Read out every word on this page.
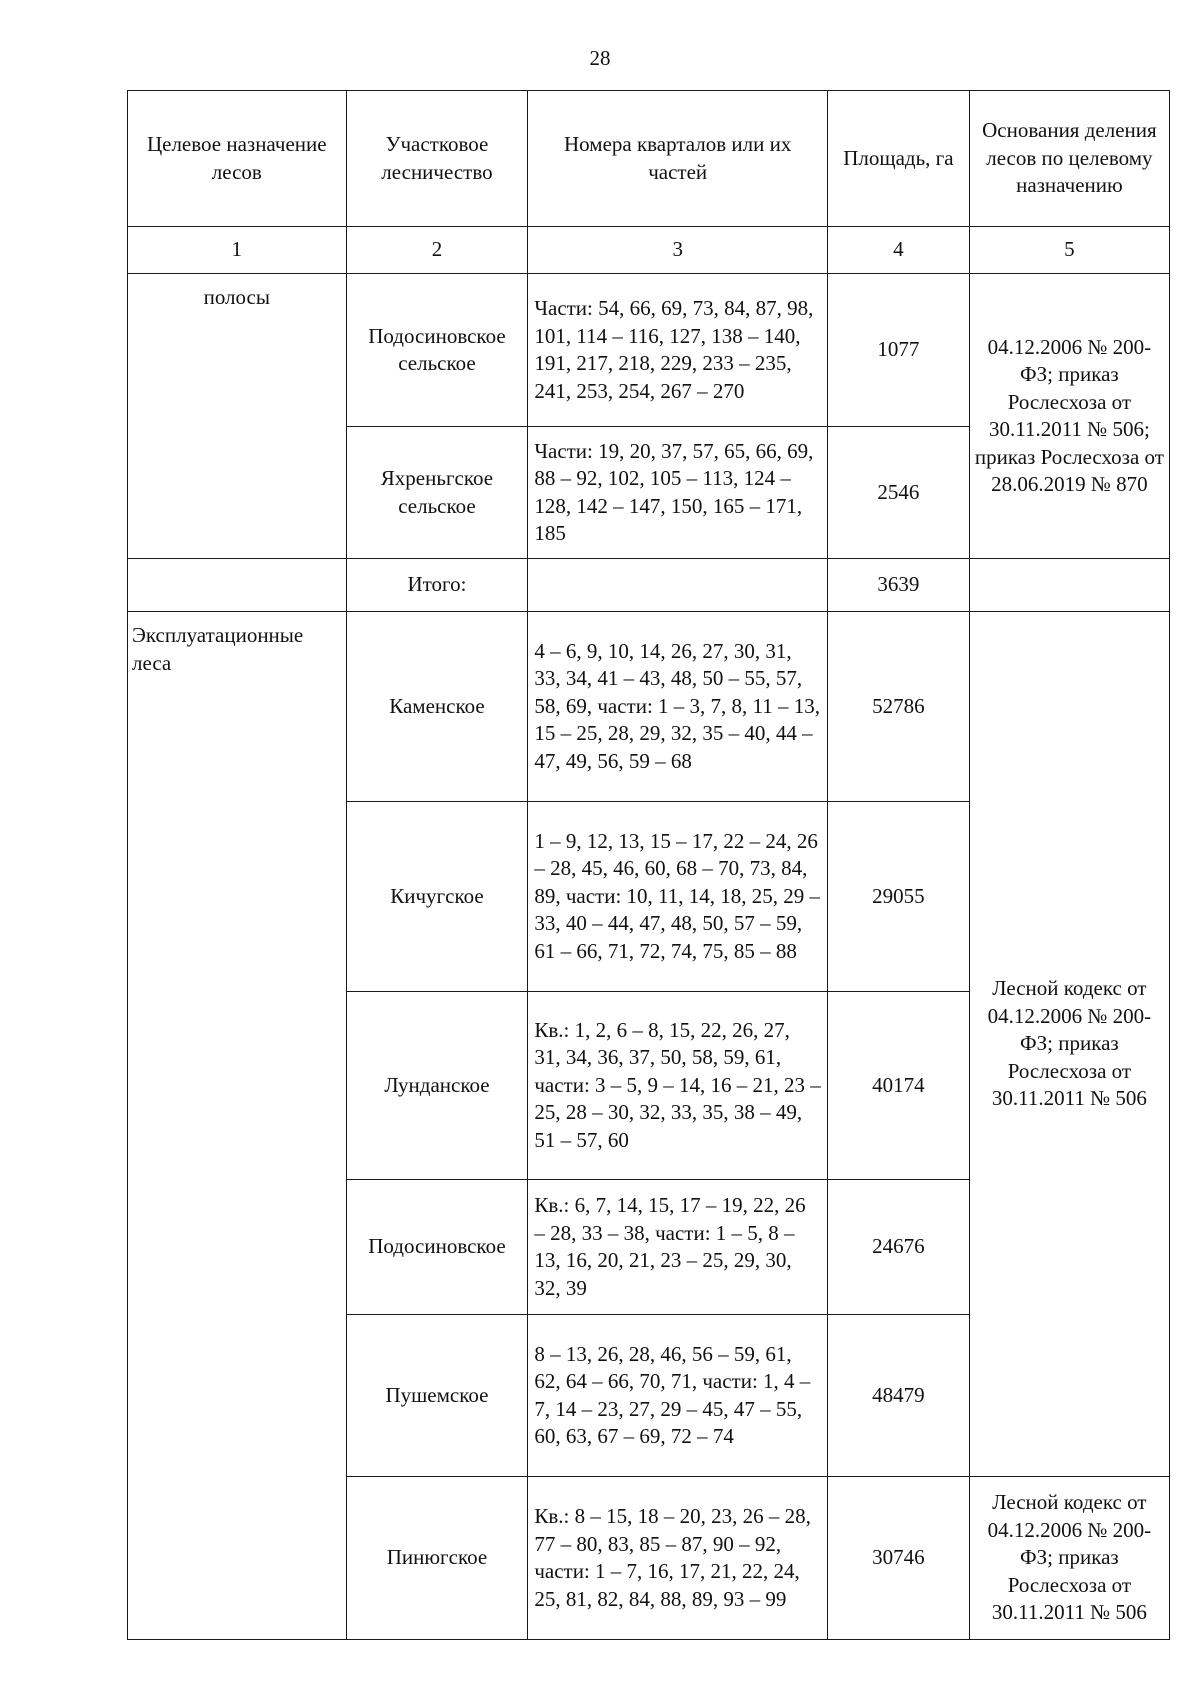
28
Целевое назначение лесов	Участковое лесничество	Номера кварталов или их частей	Площадь, га	Основания деления лесов по целевому назначению
1	2	3	4	5
полосы	Подосиновское сельское	Части: 54, 66, 69, 73, 84, 87, 98, 101, 114 – 116, 127, 138 – 140, 191, 217, 218, 229, 233 – 235, 241, 253, 254, 267 – 270	1077	04.12.2006 № 200-ФЗ; приказ Рослесхоза от 30.11.2011 № 506; приказ Рослесхоза от 28.06.2019 № 870
	Яхреньгское сельское	Части: 19, 20, 37, 57, 65, 66, 69, 88 – 92, 102, 105 – 113, 124 – 128, 142 – 147, 150, 165 – 171, 185	2546	
	Итого:		3639	
Эксплуатационные леса	Каменское	4 – 6, 9, 10, 14, 26, 27, 30, 31, 33, 34, 41 – 43, 48, 50 – 55, 57, 58, 69, части: 1 – 3, 7, 8, 11 – 13, 15 – 25, 28, 29, 32, 35 – 40, 44 – 47, 49, 56, 59 – 68	52786	Лесной кодекс от 04.12.2006 № 200-ФЗ; приказ Рослесхоза от 30.11.2011 № 506
	Кичугское	1 – 9, 12, 13, 15 – 17, 22 – 24, 26 – 28, 45, 46, 60, 68 – 70, 73, 84, 89, части: 10, 11, 14, 18, 25, 29 – 33, 40 – 44, 47, 48, 50, 57 – 59, 61 – 66, 71, 72, 74, 75, 85 – 88	29055	
	Лунданское	Кв.: 1, 2, 6 – 8, 15, 22, 26, 27, 31, 34, 36, 37, 50, 58, 59, 61, части: 3 – 5, 9 – 14, 16 – 21, 23 – 25, 28 – 30, 32, 33, 35, 38 – 49, 51 – 57, 60	40174	
	Подосиновское	Кв.: 6, 7, 14, 15, 17 – 19, 22, 26 – 28, 33 – 38, части: 1 – 5, 8 – 13, 16, 20, 21, 23 – 25, 29, 30, 32, 39	24676	
	Пушемское	8 – 13, 26, 28, 46, 56 – 59, 61, 62, 64 – 66, 70, 71, части: 1, 4 – 7, 14 – 23, 27, 29 – 45, 47 – 55, 60, 63, 67 – 69, 72 – 74	48479	
	Пинюгское	Кв.: 8 – 15, 18 – 20, 23, 26 – 28, 77 – 80, 83, 85 – 87, 90 – 92, части: 1 – 7, 16, 17, 21, 22, 24, 25, 81, 82, 84, 88, 89, 93 – 99	30746	Лесной кодекс от 04.12.2006 № 200-ФЗ; приказ Рослесхоза от 30.11.2011 № 506
